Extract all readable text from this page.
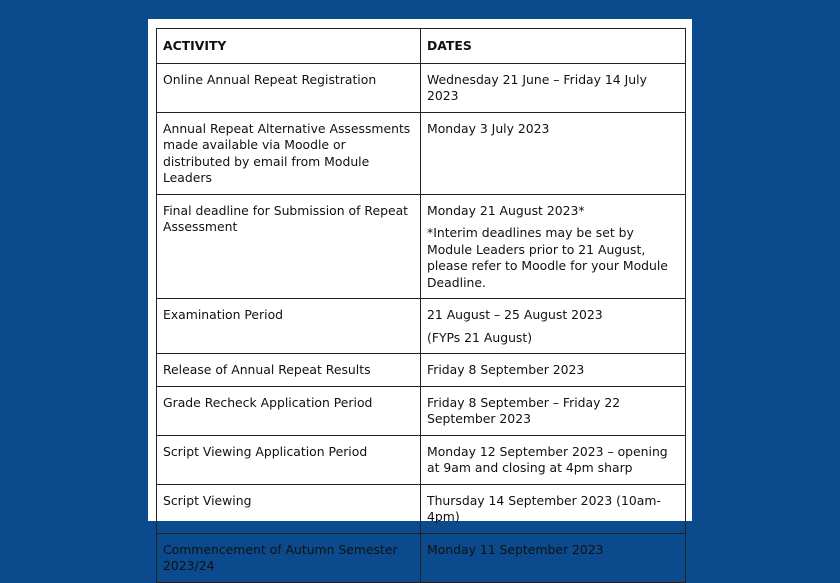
ACTIVITY	DATES
Online Annual Repeat Registration	Wednesday 21 June – Friday 14 July 2023

Annual Repeat Alternative Assessments made available via Moodle or distributed by email from Module Leaders	Monday 3 July 2023

Final deadline for Submission of Repeat Assessment	Monday 21 August 2023*
*Interim deadlines may be set by Module Leaders prior to 21 August, please refer to Moodle for your Module Deadline.

Examination Period	21 August – 25 August 2023
(FYPs 21 August)

Release of Annual Repeat Results	Friday 8 September 2023

Grade Recheck Application Period	Friday 8 September – Friday 22 September 2023

Script Viewing Application Period	Monday 12 September 2023 – opening at 9am and closing at 4pm sharp

Script Viewing	Thursday 14 September 2023 (10am-4pm)

Commencement of Autumn Semester 2023/24	Monday 11 September 2023
